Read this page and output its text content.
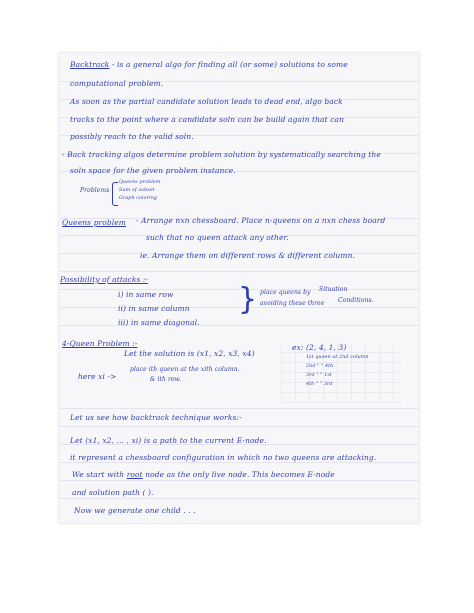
Backtrack - is a general algo for finding all (or some) solutions to some
computational problem.
As soon as the partial candidate solution leads to dead end, algo back
tracks to the point where a candidate soln can be build again that can
possibly reach to the valid soln.
- Back tracking algos determine problem solution by systematically searching the
soln space for the given problem instance.
Problems
Queens problem
Sum of subset
Graph coloring
Queens problem - Arrange nxn chessboard. Place n-queens on a nxn chess board
such that no queen attack any other.
ie. Arrange them on different rows & different column.
Possibility of attacks :-
i) in same row
ii) in same column
iii) in same diagonal.
} place queens by Situation
avoiding these three Conditions.
4-Queen Problem :-
Let the solution is (x1, x2, x3, x4)
here xi ->
place ith queen at the xith column.
& ith row.
ex: (2, 4, 1, 3)
1st queen at 2nd column
2nd " " 4th
3rd " " 1st
4th " " 3rd
Let us see how backtrack technique works:-
Let (x1, x2, ... , xi) is a path to the current E-node.
it represent a chessboard configuration in which no two queens are attacking.
We start with root node as the only live node. This becomes E-node
and solution path ( ).
Now we generate one child . . .
